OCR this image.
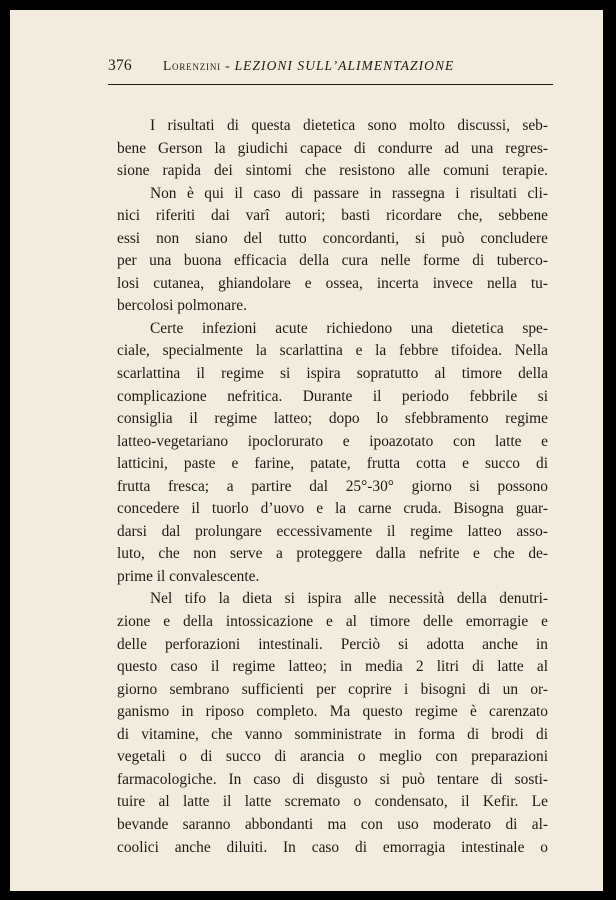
376 Lorenzini - LEZIONI SULL’ALIMENTAZIONE

I risultati di questa dietetica sono molto discussi, seb-
bene Gerson la giudichi capace di condurre ad una regres-
sione rapida dei sintomi che resistono alle comuni terapie.

Non è qui il caso di passare in rassegna i risultati cli-
nici riferiti dai varî autori; basti ricordare che, sebbene
essi non siano del tutto concordanti, si può concludere
per una buona efficacia della cura nelle forme di tuberco-
losi cutanea, ghiandolare e ossea, incerta invece nella tu-
bercolosi polmonare.

Certe infezioni acute richiedono una dietetica spe-
ciale, specialmente la scarlattina e la febbre tifoidea. Nella
scarlattina il regime si ispira sopratutto al timore della
complicazione nefritica. Durante il periodo febbrile si
consiglia il regime latteo; dopo lo sfebbramento regime
latteo-vegetariano ipoclorurato e ipoazotato con latte e
latticini, paste e farine, patate, frutta cotta e succo di
frutta fresca; a partire dal 25°-30° giorno si possono
concedere il tuorlo d’uovo e la carne cruda. Bisogna guar-
darsi dal prolungare eccessivamente il regime latteo asso-
luto, che non serve a proteggere dalla nefrite e che de-
prime il convalescente.

Nel tifo la dieta si ispira alle necessità della denutri-
zione e della intossicazione e al timore delle emorragie e
delle perforazioni intestinali. Perciò si adotta anche in
questo caso il regime latteo; in media 2 litri di latte al
giorno sembrano sufficienti per coprire i bisogni di un or-
ganismo in riposo completo. Ma questo regime è carenzato
di vitamine, che vanno somministrate in forma di brodi di
vegetali o di succo di arancia o meglio con preparazioni
farmacologiche. In caso di disgusto si può tentare di sosti-
tuire al latte il latte scremato o condensato, il Kefir. Le
bevande saranno abbondanti ma con uso moderato di al-
coolici anche diluiti. In caso di emorragia intestinale o
